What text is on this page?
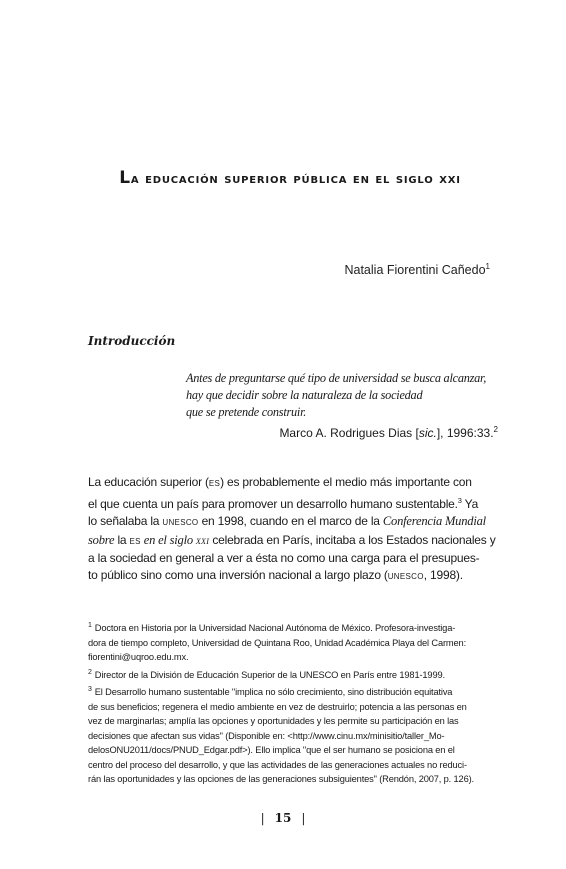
La educación superior pública en el siglo xxi
Natalia Fiorentini Cañedo$^1$
Introducción
Antes de preguntarse qué tipo de universidad se busca alcanzar,
hay que decidir sobre la naturaleza de la sociedad
que se pretende construir.
Marco A. Rodrigues Dias [sic.], 1996:33.$^2$
La educación superior (es) es probablemente el medio más importante con
el que cuenta un país para promover un desarrollo humano sustentable.$^3$ Ya
lo señalaba la unesco en 1998, cuando en el marco de la Conferencia Mundial
sobre la es en el siglo xxi celebrada en París, incitaba a los Estados nacionales y
a la sociedad en general a ver a ésta no como una carga para el presupues-
to público sino como una inversión nacional a largo plazo (unesco, 1998).
$^1$ Doctora en Historia por la Universidad Nacional Autónoma de México. Profesora-investiga-
dora de tiempo completo, Universidad de Quintana Roo, Unidad Académica Playa del Carmen:
fiorentini@uqroo.edu.mx.
$^2$ Director de la División de Educación Superior de la UNESCO en París entre 1981-1999.
$^3$ El Desarrollo humano sustentable "implica no sólo crecimiento, sino distribución equitativa
de sus beneficios; regenera el medio ambiente en vez de destruirlo; potencia a las personas en
vez de marginarlas; amplía las opciones y oportunidades y les permite su participación en las
decisiones que afectan sus vidas" (Disponible en: <http://www.cinu.mx/minisitio/taller_Mo-
delosONU2011/docs/PNUD_Edgar.pdf>). Ello implica "que el ser humano se posiciona en el
centro del proceso del desarrollo, y que las actividades de las generaciones actuales no reduci-
rán las oportunidades y las opciones de las generaciones subsiguientes" (Rendón, 2007, p. 126).
| 15 |
